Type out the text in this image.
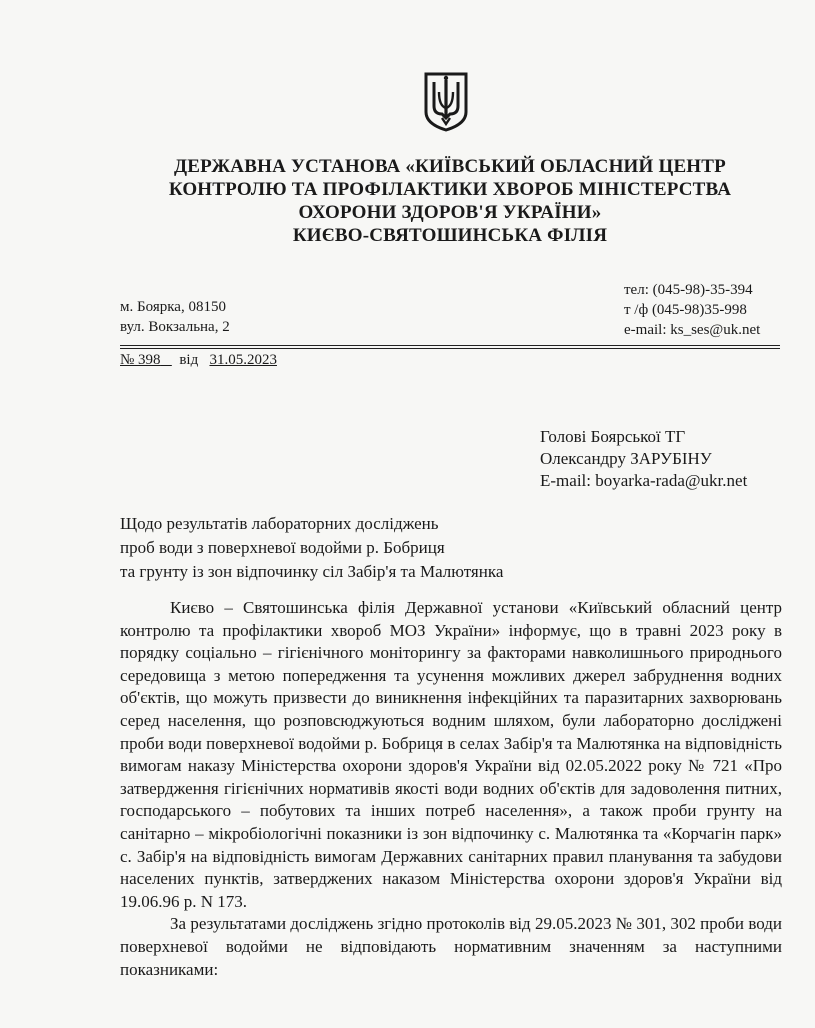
ДЕРЖАВНА УСТАНОВА «КИЇВСЬКИЙ ОБЛАСНИЙ ЦЕНТР
КОНТРОЛЮ ТА ПРОФІЛАКТИКИ ХВОРОБ МІНІСТЕРСТВА
ОХОРОНИ ЗДОРОВ'Я УКРАЇНИ»
КИЄВО-СВЯТОШИНСЬКА ФІЛІЯ
м. Боярка, 08150
вул. Вокзальна, 2
тел: (045-98)-35-394
т /ф (045-98)35-998
e-mail: ks_ses@uk.net
№ 398 від 31.05.2023
Голові Боярської ТГ
Олександру ЗАРУБІНУ
E-mail: boyarka-rada@ukr.net
Щодо результатів лабораторних досліджень
проб води з поверхневої водойми р. Бобриця
та грунту із зон відпочинку сіл Забір'я та Малютянка

Києво – Святошинська філія Державної установи «Київський обласний центр контролю та профілактики хвороб МОЗ України» інформує, що в травні 2023 року в порядку соціально – гігієнічного моніторингу за факторами навколишнього природнього середовища з метою попередження та усунення можливих джерел забруднення водних об'єктів, що можуть призвести до виникнення інфекційних та паразитарних захворювань серед населення, що розповсюджуються водним шляхом, були лабораторно досліджені проби води поверхневої водойми р. Бобриця в селах Забір'я та Малютянка на відповідність вимогам наказу Міністерства охорони здоров'я України від 02.05.2022 року № 721 «Про затвердження гігієнічних нормативів якості води водних об'єктів для задоволення питних, господарського – побутових та інших потреб населення», а також проби грунту на санітарно – мікробіологічні показники із зон відпочинку с. Малютянка та «Корчагін парк» с. Забір'я на відповідність вимогам Державних санітарних правил планування та забудови населених пунктів, затверджених наказом Міністерства охорони здоров'я України від 19.06.96 р. N 173.

За результатами досліджень згідно протоколів від 29.05.2023 № 301, 302 проби води поверхневої водойми не відповідають нормативним значенням за наступними показниками:
